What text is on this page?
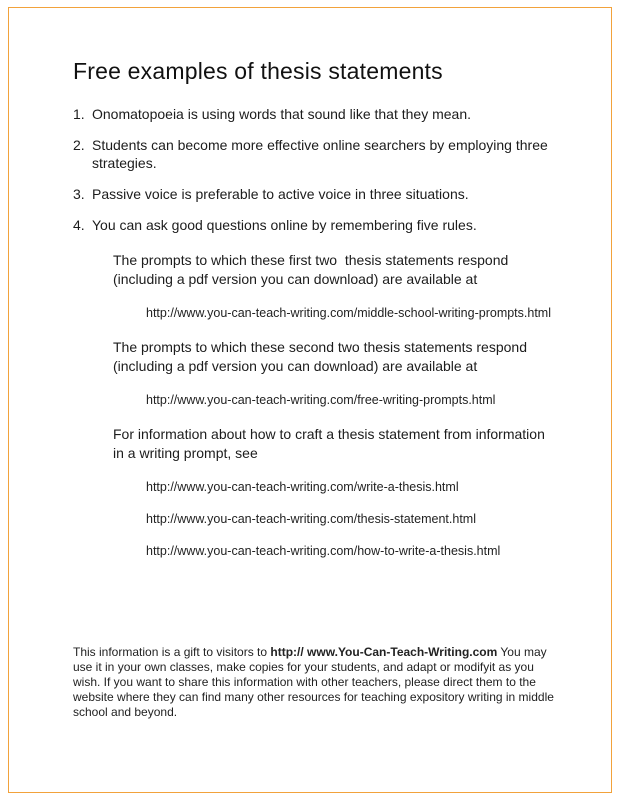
Free examples of thesis statements
1. Onomatopoeia is using words that sound like that they mean.
2. Students can become more effective online searchers by employing three strategies.
3. Passive voice is preferable to active voice in three situations.
4. You can ask good questions online by remembering five rules.

The prompts to which these first two  thesis statements respond (including a pdf version you can download) are available at

http://www.you-can-teach-writing.com/middle-school-writing-prompts.html

The prompts to which these second two thesis statements respond (including a pdf version you can download) are available at

http://www.you-can-teach-writing.com/free-writing-prompts.html

For information about how to craft a thesis statement from information in a writing prompt, see

http://www.you-can-teach-writing.com/write-a-thesis.html

http://www.you-can-teach-writing.com/thesis-statement.html

http://www.you-can-teach-writing.com/how-to-write-a-thesis.html

This information is a gift to visitors to http:// www.You-Can-Teach-Writing.com You may use it in your own classes, make copies for your students, and adapt or modifyit as you wish. If you want to share this information with other teachers, please direct them to the website where they can find many other resources for teaching expository writing in middle school and beyond.
